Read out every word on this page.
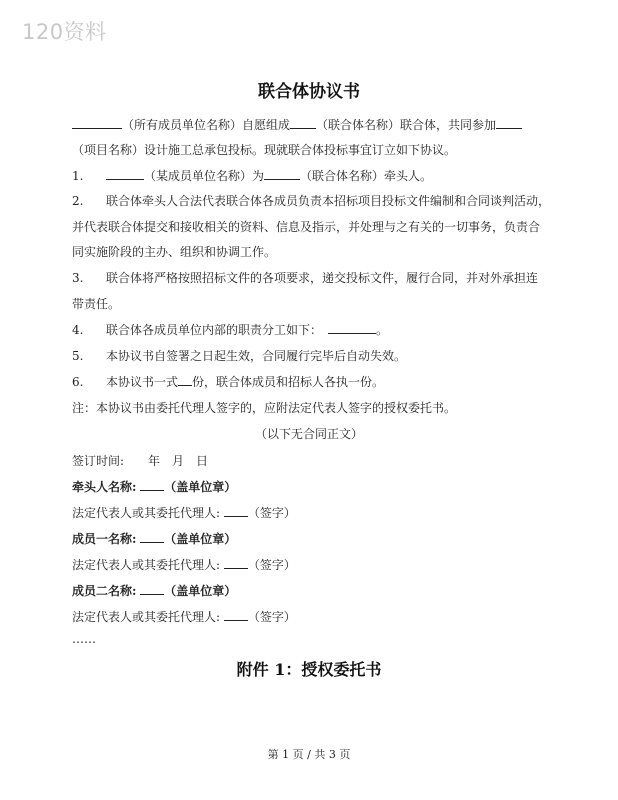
120资料
联合体协议书
（所有成员单位名称）自愿组成 （联合体名称）联合体，共同参加
（项目名称）设计施工总承包投标。现就联合体投标事宜订立如下协议。
1.	（某成员单位名称）为	（联合体名称）牵头人。
2. 联合体牵头人合法代表联合体各成员负责本招标项目投标文件编制和合同谈判活动，
并代表联合体提交和接收相关的资料、信息及指示，并处理与之有关的一切事务，负责合
同实施阶段的主办、组织和协调工作。
3. 联合体将严格按照招标文件的各项要求，递交投标文件，履行合同，并对外承担连
带责任。
4. 联合体各成员单位内部的职责分工如下：	。
5. 本协议书自签署之日起生效，合同履行完毕后自动失效。
6. 本协议书一式 份，联合体成员和招标人各执一份。
注：本协议书由委托代理人签字的，应附法定代表人签字的授权委托书。
（以下无合同正文）
签订时间:　　年　月　日
牵头人名称: （盖单位章）
法定代表人或其委托代理人: （签字）
成员一名称: （盖单位章）
法定代表人或其委托代理人: （签字）
成员二名称: （盖单位章）
法定代表人或其委托代理人: （签字）
……
附件 1：授权委托书
第 1 页 / 共 3 页
